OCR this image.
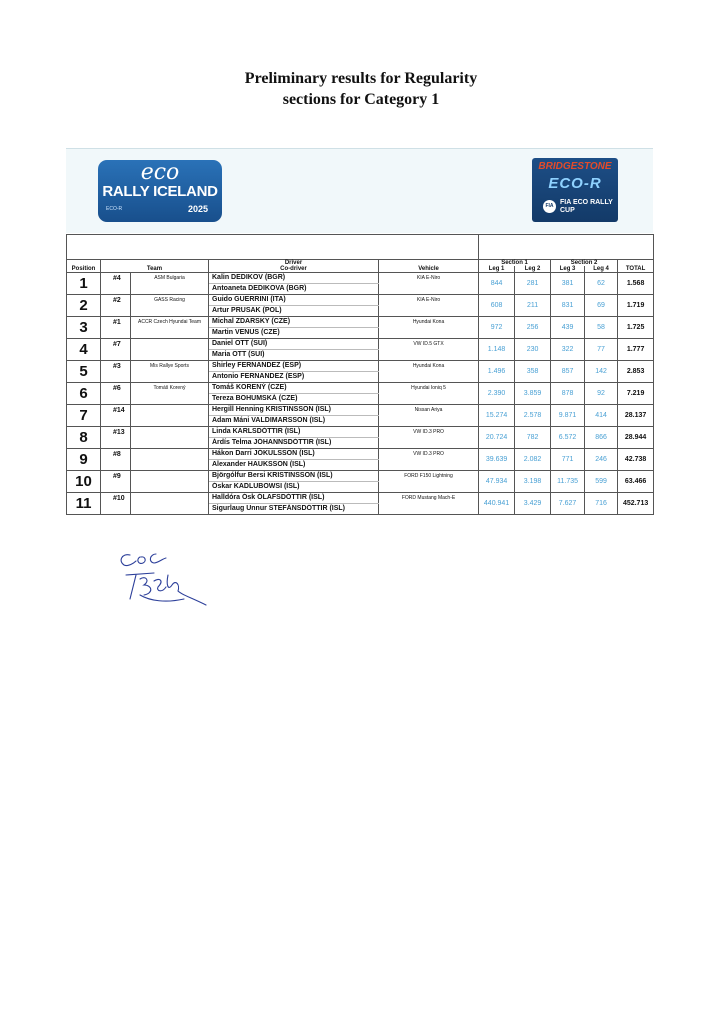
Preliminary results for Regularity
sections for Category 1
eco
RALLY ICELAND
ECO-R	2025
BRIDGESTONE
ECO-R
FIA FIA ECO RALLY CUP

Position	Team		Driver	Vehicle	Section 1		Section 2		TOTAL
			Co-driver		Leg 1	Leg 2	Leg 3	Leg 4	
1	#4	ASM Bulgaria	Kalin DEDIKOV (BGR)	KIA E-Niro	844	281	381	62	1.568
			Antoaneta DEDIKOVA (BGR)						
2	#2	GASS Racing	Guido GUERRINI (ITA)	KIA E-Niro	608	211	831	69	1.719
			Artur PRUSAK (POL)						
3	#1	ACCR Czech Hyundai Team	Michal ZDARSKY (CZE)	Hyundai Kona	972	256	439	58	1.725
			Martin VENUS (CZE)						
4	#7		Daniel OTT (SUI)	VW ID.5 GTX	1.148	230	322	77	1.777
			Maria OTT (SUI)						
5	#3	Mis Rallye Sports	Shirley FERNANDEZ (ESP)	Hyundai Kona	1.496	358	857	142	2.853
			Antonio FERNANDEZ (ESP)						
6	#6	Tomáš Korený	Tomáš KORENÝ (CZE)	Hyundai Ioniq 5	2.390	3.859	878	92	7.219
			Tereza BOHUMSKÁ (CZE)						
7	#14		Hergill Henning KRISTINSSON (ISL)	Nissan Ariya	15.274	2.578	9.871	414	28.137
			Adam Máni VALDIMARSSON (ISL)						
8	#13		Linda KARLSDÓTTIR (ISL)	VW ID.3 PRO	20.724	782	6.572	866	28.944
			Árdís Telma JÓHANNSDÓTTIR (ISL)						
9	#8		Hákon Darri JÓKULSSON (ISL)	VW ID.3 PRO	39.639	2.082	771	246	42.738
			Alexander HAUKSSON (ISL)						
10	#9		Björgólfur Bersi KRISTINSSON (ISL)	FORD F150 Lightning	47.934	3.198	11.735	599	63.466
			Óskar KADLUBOWSI (ISL)						
11	#10		Halldóra Ósk ÓLAFSDÓTTIR (ISL)	FORD Mustang Mach-E	440.941	3.429	7.627	716	452.713
			Sigurlaug Unnur STEFÁNSDÓTTIR (ISL)						
